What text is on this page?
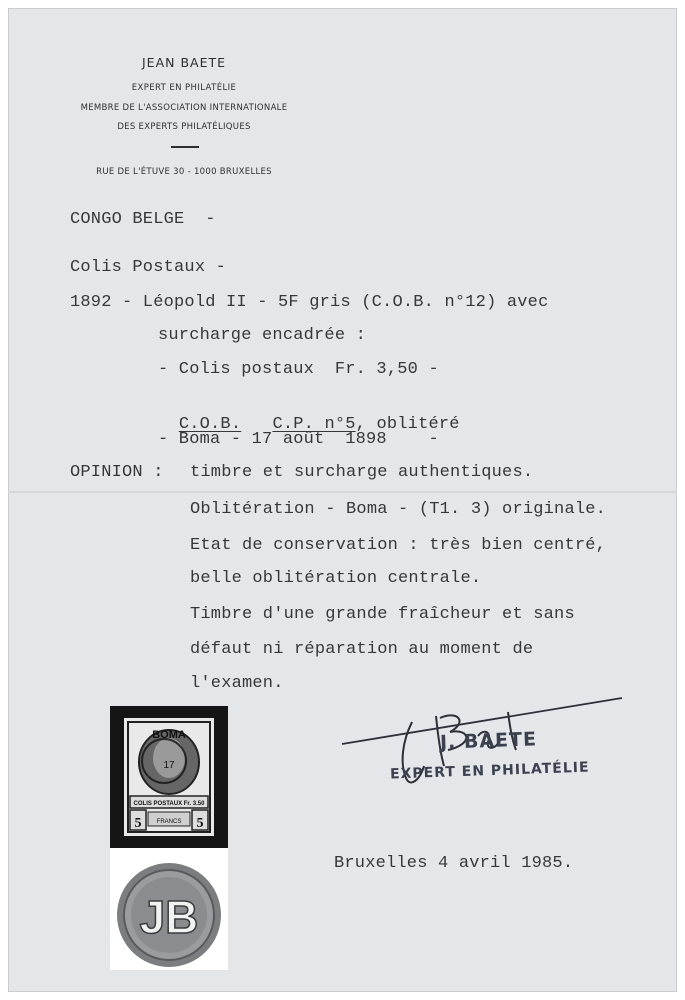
JEAN BAETE
EXPERT EN PHILATÉLIE
MEMBRE DE L'ASSOCIATION INTERNATIONALE
DES EXPERTS PHILATÉLIQUES
RUE DE L'ÉTUVE 30 - 1000 BRUXELLES
CONGO BELGE  -
Colis Postaux -
1892 - Léopold II - 5F gris (C.O.B. n°12) avec
surcharge encadrée :
- Colis postaux  Fr. 3,50 -

C.O.B. C.P. n°5, oblitéré

- Boma - 17 août  1898    -
OPINION : timbre et surcharge authentiques.
Oblitération - Boma - (T1. 3) originale.
Etat de conservation : très bien centré,
belle oblitération centrale.
Timbre d'une grande fraîcheur et sans
défaut ni réparation au moment de
l'examen.
BOMA
17
COLIS POSTAUX Fr. 3.50
5	FRANCS 5
JB
J. BAETE
EXPERT EN PHILATÉLIE
Bruxelles 4 avril 1985.
